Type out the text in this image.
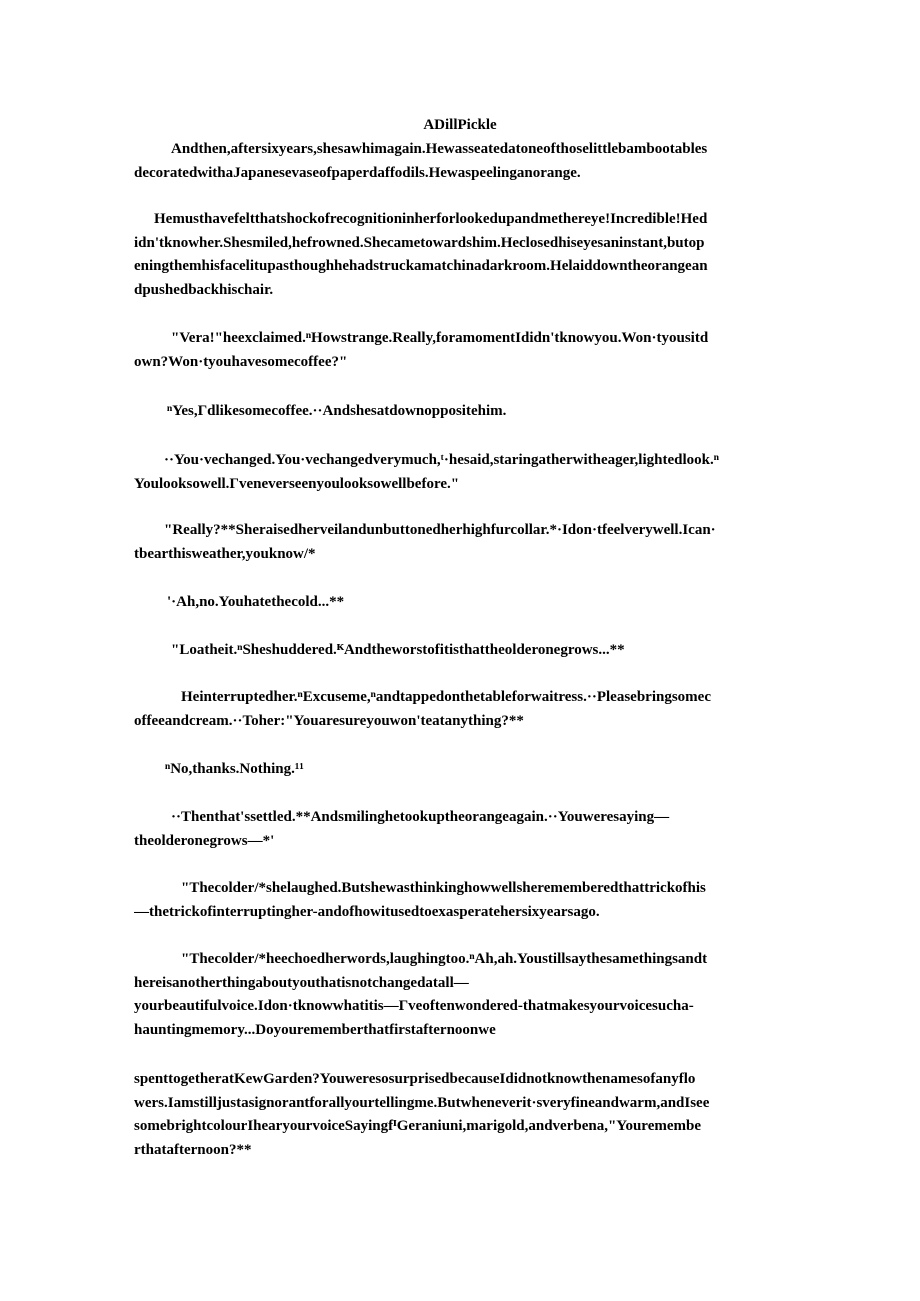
ADillPickle

Andthen,aftersixyears,shesawhimagain.Hewasseatedatoneofthoselittlebambootables
decoratedwithaJapanesevaseofpaperdaffodils.Hewaspeelinganorange.

Hemusthavefeltthatshockofrecognitioninherforlookedupandmethereye!Incredible!Hed
idn'tknowher.Shesmiled,hefrowned.Shecametowardshim.Heclosedhiseyesaninstant,butop
eningthemhisfacelitupasthoughhehadstruckamatchinadarkroom.Helaiddowntheorangean
dpushedbackhischair.

"Vera!"heexclaimed.ⁿHowstrange.Really,foramomentIdidn'tknowyou.Won·tyousitd
own?Won·tyouhavesomecoffee?"

ⁿYes,Γdlikesomecoffee.··Andshesatdownoppositehim.

··You·vechanged.You·vechangedverymuch,ᵗ·hesaid,staringatherwitheager,lightedlook.ⁿ
Youlooksowell.Γveneverseenyoulooksowellbefore."

"Really?**Sheraisedherveilandunbuttonedherhighfurcollar.*·Idon·tfeelverywell.Ican·
tbearthisweather,youknow/*

'·Ah,no.Youhatethecold...**

"Loatheit.ⁿSheshuddered.ᴷAndtheworstofitisthattheolderonegrows...**

Heinterruptedher.ⁿExcuseme,ⁿandtappedonthetableforwaitress.··Pleasebringsomec
offeeandcream.··Toher:"Youaresureyouwon'teatanything?**

ⁿNo,thanks.Nothing.¹¹

··Thenthat'ssettled.**Andsmilinghetookuptheorangeagain.··Youweresaying—
theolderonegrows—*'

"Thecolder/*shelaughed.Butshewasthinkinghowwellsherememberedthattrickofhis
—thetrickofinterruptingher-andofhowitusedtoexasperatehersixyearsago.

"Thecolder/*heechoedherwords,laughingtoo.ⁿAh,ah.Youstillsaythesamethingsandt
hereisanotherthingaboutyouthatisnotchangedatall—
yourbeautifulvoice.Idon·tknowwhatitis—Γveoftenwondered-thatmakesyourvoicesucha-
hauntingmemory...Doyourememberthatfirstafternoonwe

spenttogetheratKewGarden?YouweresosurprisedbecauseIdidnotknowthenamesofanyflo
wers.Iamstilljustasignorantforallyourtellingme.Butwheneverit·sveryfineandwarm,andIsee
somebrightcolourIhearyourvoiceSayingfᴵGeraniuni,marigold,andverbena,"Youremembe
rthatafternoon?**
